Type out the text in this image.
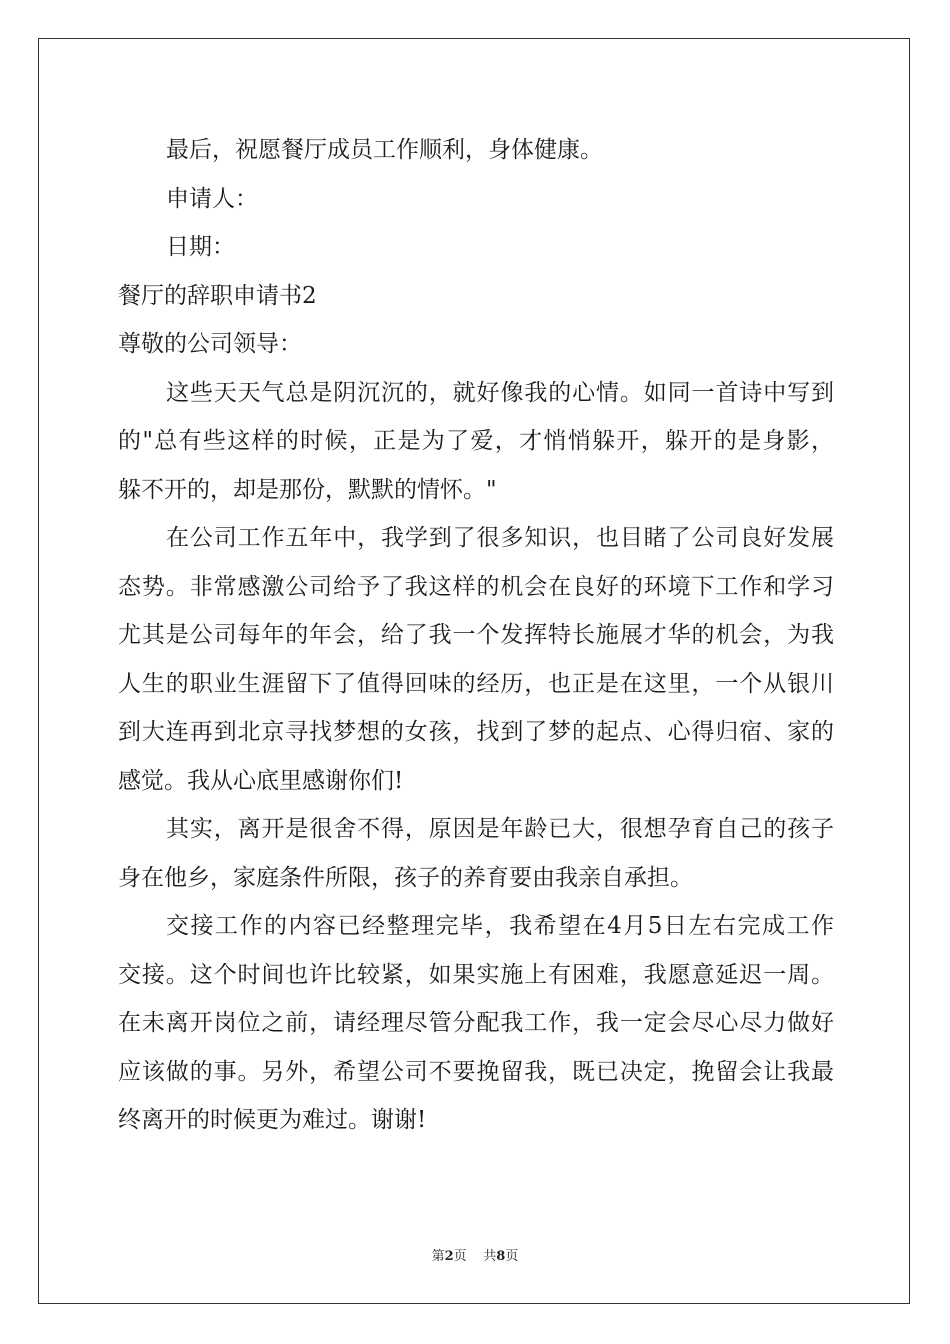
最后，祝愿餐厅成员工作顺利，身体健康。
申请人：
日期：
餐厅的辞职申请书2
尊敬的公司领导：
这些天天气总是阴沉沉的，就好像我的心情。如同一首诗中写到
的"总有些这样的时候，正是为了爱，才悄悄躲开，躲开的是身影，
躲不开的，却是那份，默默的情怀。"
在公司工作五年中，我学到了很多知识，也目睹了公司良好发展
态势。非常感激公司给予了我这样的机会在良好的环境下工作和学习
尤其是公司每年的年会，给了我一个发挥特长施展才华的机会，为我
人生的职业生涯留下了值得回味的经历，也正是在这里，一个从银川
到大连再到北京寻找梦想的女孩，找到了梦的起点、心得归宿、家的
感觉。我从心底里感谢你们!
其实，离开是很舍不得，原因是年龄已大，很想孕育自己的孩子
身在他乡，家庭条件所限，孩子的养育要由我亲自承担。
交接工作的内容已经整理完毕，我希望在4月5日左右完成工作
交接。这个时间也许比较紧，如果实施上有困难，我愿意延迟一周。
在未离开岗位之前，请经理尽管分配我工作，我一定会尽心尽力做好
应该做的事。另外，希望公司不要挽留我，既已决定，挽留会让我最
终离开的时候更为难过。谢谢!
第2页 共8页
